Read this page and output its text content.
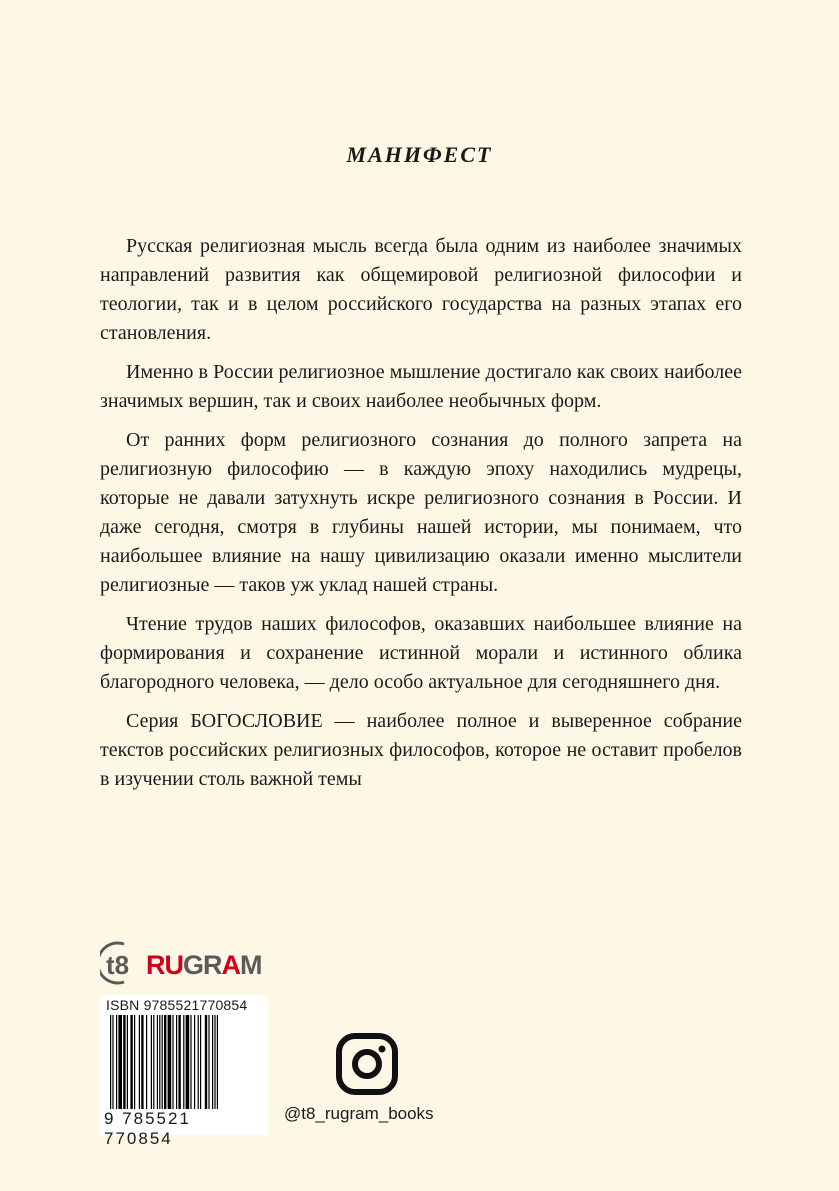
МАНИФЕСТ

Русская религиозная мысль всегда была одним из наиболее значимых направлений развития как общемировой религиозной философии и теологии, так и в целом российского государства на разных этапах его становления.

Именно в России религиозное мышление достигало как своих наиболее значимых вершин, так и своих наиболее необычных форм.

От ранних форм религиозного сознания до полного запрета на религиозную философию — в каждую эпоху находились мудрецы, которые не давали затухнуть искре религиозного сознания в России. И даже сегодня, смотря в глубины нашей истории, мы понимаем, что наибольшее влияние на нашу цивилизацию оказали именно мыслители религиозные — таков уж уклад нашей страны.

Чтение трудов наших философов, оказавших наибольшее влияние на формирования и сохранение истинной морали и истинного облика благородного человека, — дело особо актуальное для сегодняшнего дня.

Серия БОГОСЛОВИЕ — наиболее полное и выверенное собрание текстов российских религиозных философов, которое не оставит пробелов в изучении столь важной темы

t8 RUGRAM
ISBN 9785521770854
9 785521 770854
@t8_rugram_books
